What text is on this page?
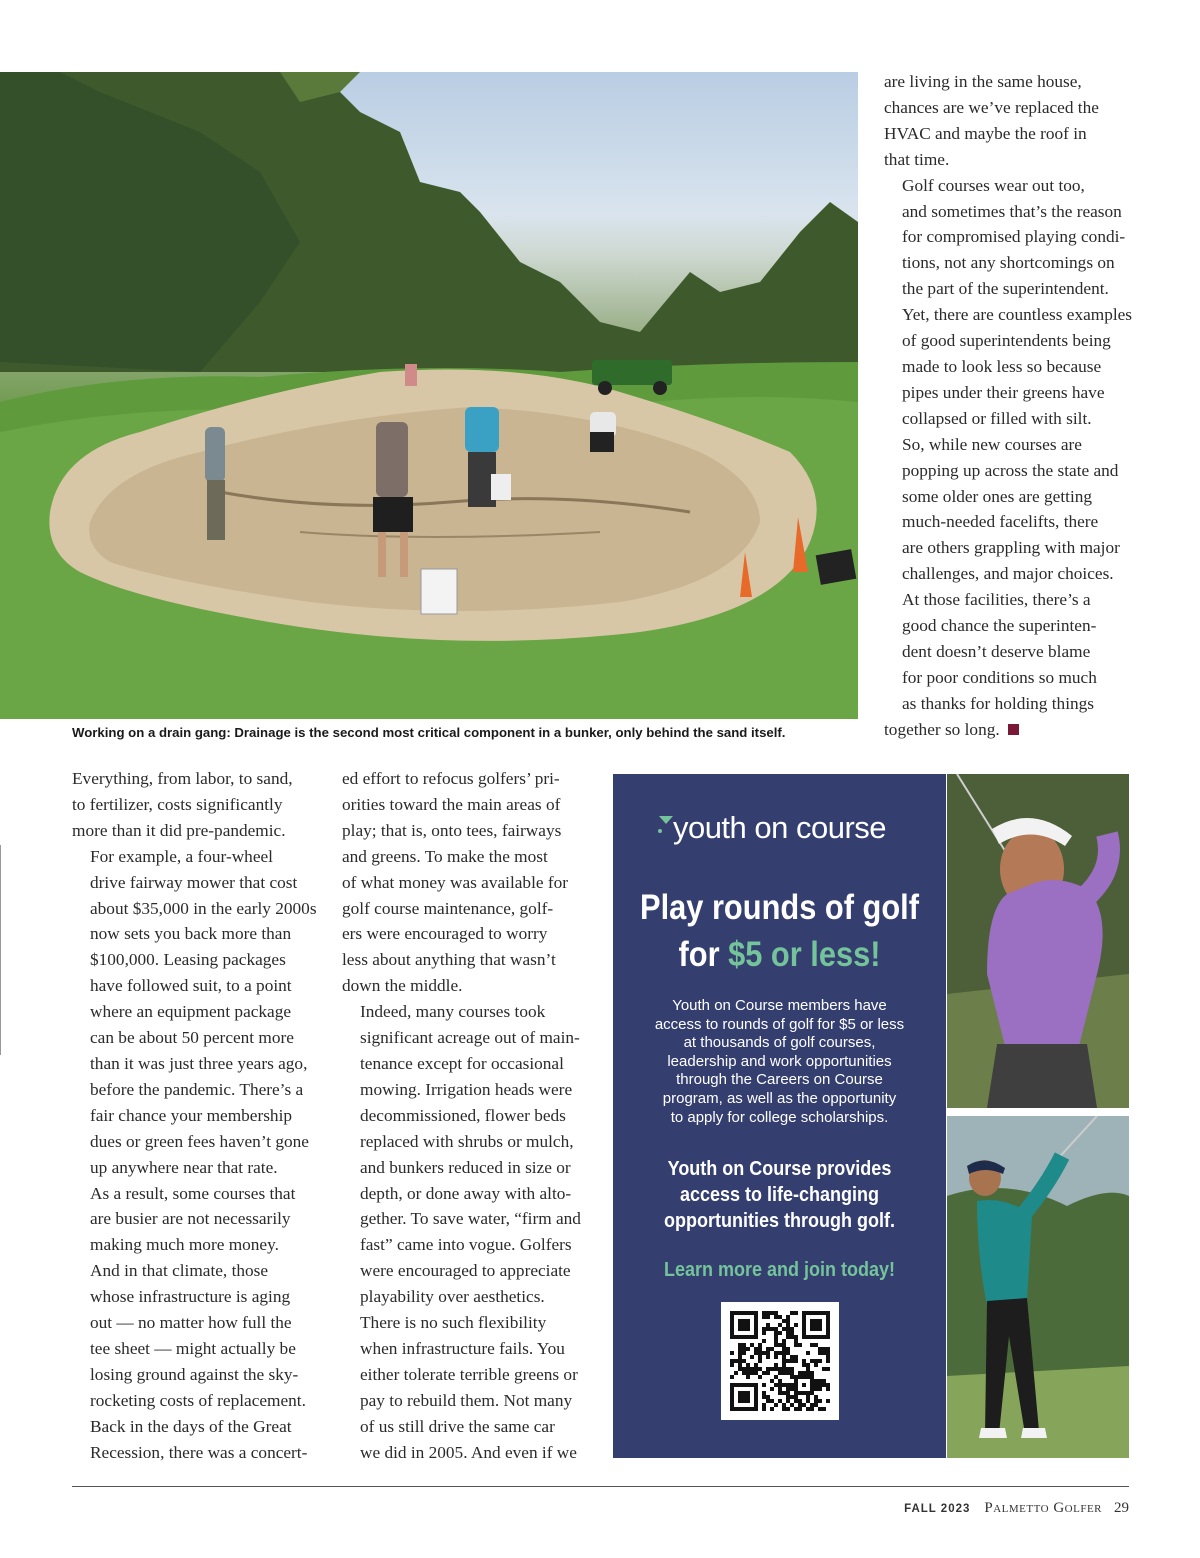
Working on a drain gang: Drainage is the second most critical component in a bunker, only behind the sand itself.

are living in the same house,
chances are we’ve replaced the
HVAC and maybe the roof in
that time.

Golf courses wear out too,
and sometimes that’s the reason
for compromised playing condi-
tions, not any shortcomings on
the part of the superintendent.
Yet, there are countless examples
of good superintendents being
made to look less so because
pipes under their greens have
collapsed or filled with silt.

So, while new courses are
popping up across the state and
some older ones are getting
much-needed facelifts, there
are others grappling with major
challenges, and major choices.
At those facilities, there’s a
good chance the superinten-
dent doesn’t deserve blame
for poor conditions so much
as thanks for holding things
together so long.

Everything, from labor, to sand,
to fertilizer, costs significantly
more than it did pre-pandemic.

For example, a four-wheel
drive fairway mower that cost
about $35,000 in the early 2000s
now sets you back more than
$100,000. Leasing packages
have followed suit, to a point
where an equipment package
can be about 50 percent more
than it was just three years ago,
before the pandemic. There’s a
fair chance your membership
dues or green fees haven’t gone
up anywhere near that rate.

As a result, some courses that
are busier are not necessarily
making much more money.
And in that climate, those
whose infrastructure is aging
out — no matter how full the
tee sheet — might actually be
losing ground against the sky-
rocketing costs of replacement.

Back in the days of the Great
Recession, there was a concert-

ed effort to refocus golfers’ pri-
orities toward the main areas of
play; that is, onto tees, fairways
and greens. To make the most
of what money was available for
golf course maintenance, golf-
ers were encouraged to worry
less about anything that wasn’t
down the middle.

Indeed, many courses took
significant acreage out of main-
tenance except for occasional
mowing. Irrigation heads were
decommissioned, flower beds
replaced with shrubs or mulch,
and bunkers reduced in size or
depth, or done away with alto-
gether. To save water, “firm and
fast” came into vogue. Golfers
were encouraged to appreciate
playability over aesthetics.

There is no such flexibility
when infrastructure fails. You
either tolerate terrible greens or
pay to rebuild them. Not many
of us still drive the same car
we did in 2005. And even if we

youth on course
Play rounds of golf
for $5 or less!
Youth on Course members have
access to rounds of golf for $5 or less
at thousands of golf courses,
leadership and work opportunities
through the Careers on Course
program, as well as the opportunity
to apply for college scholarships.
Youth on Course provides
access to life-changing
opportunities through golf.
Learn more and join today!
FALL 2023 Palmetto Golfer 29
